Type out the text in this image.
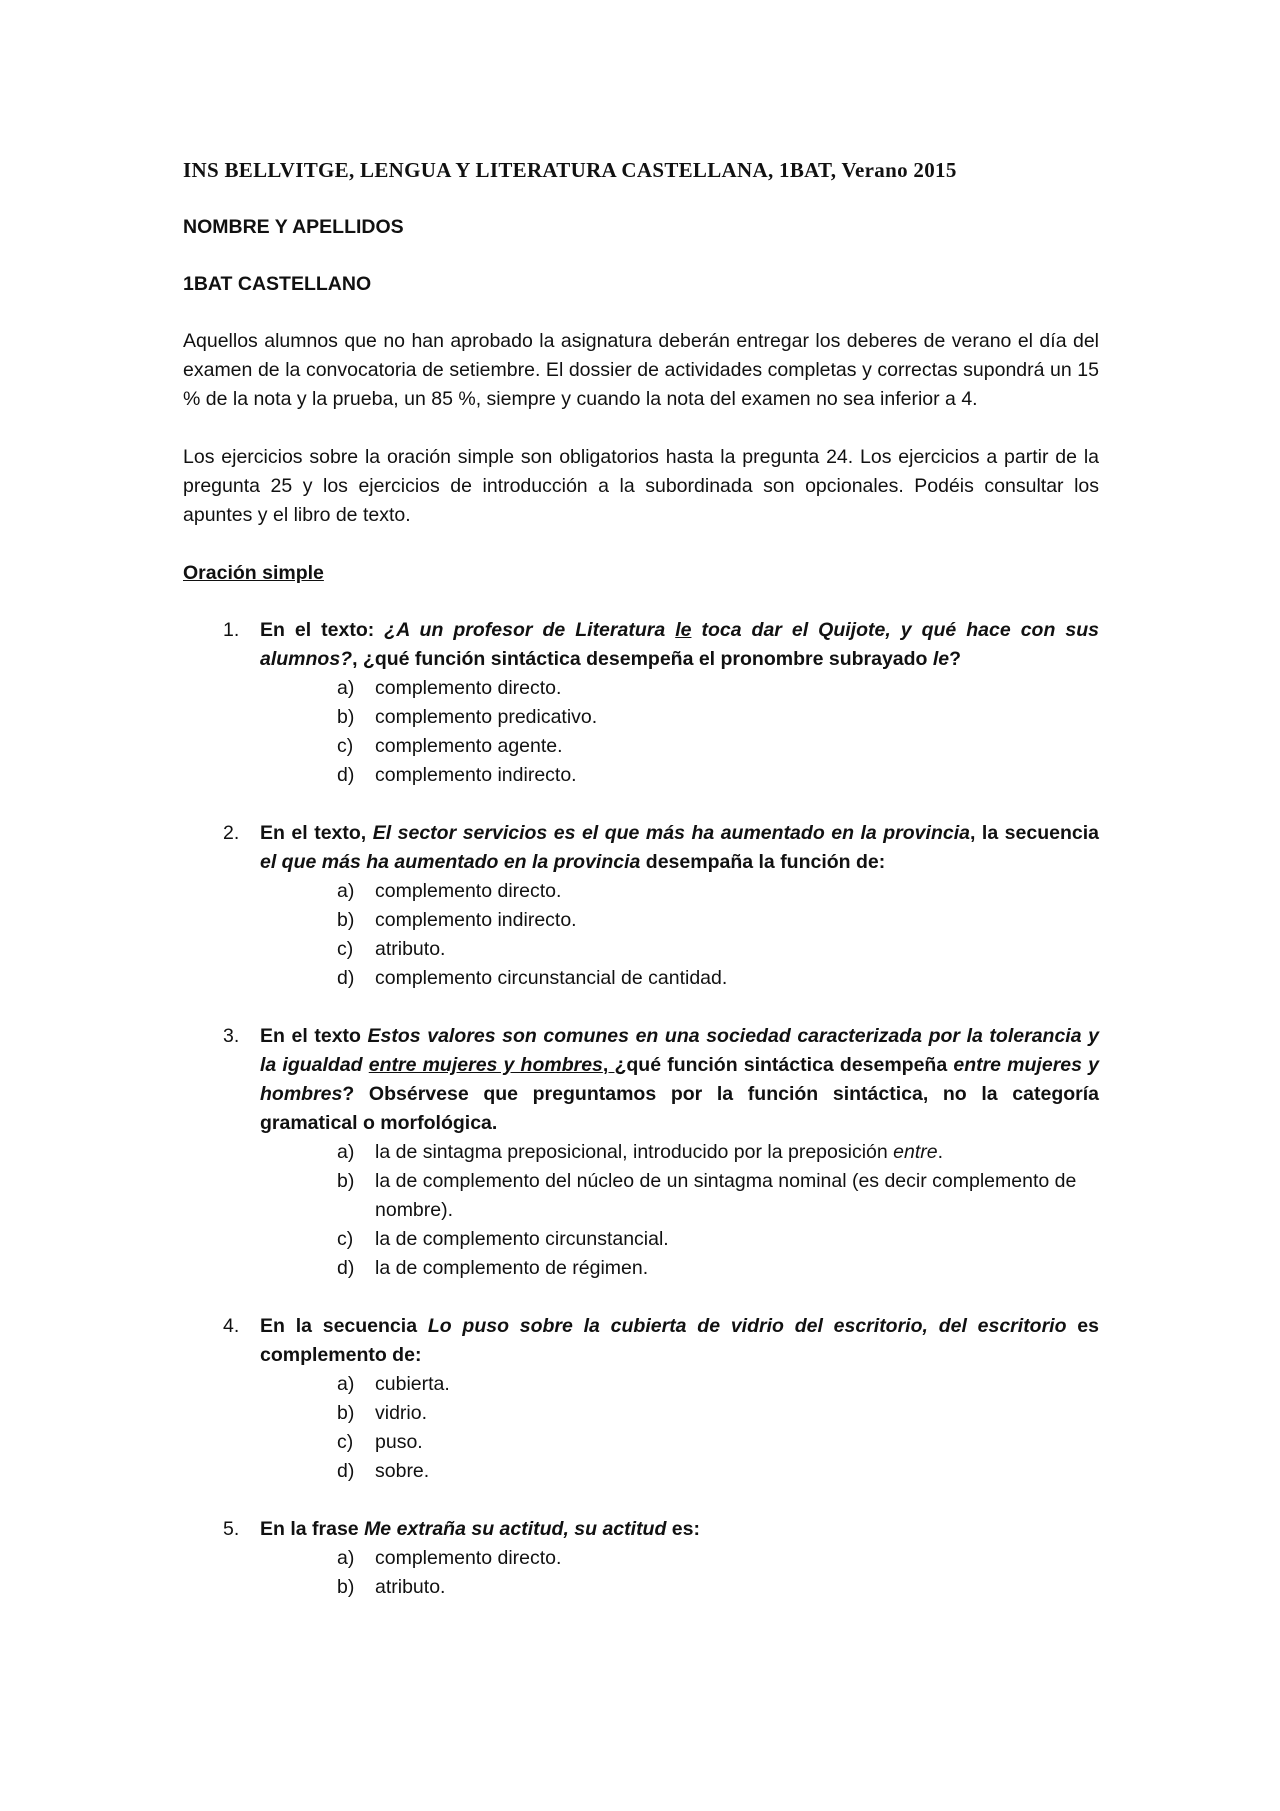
INS BELLVITGE, LENGUA Y LITERATURA CASTELLANA, 1BAT, Verano 2015
NOMBRE Y APELLIDOS
1BAT CASTELLANO

Aquellos alumnos que no han aprobado la asignatura deberán entregar los deberes de verano el día del examen de la convocatoria de setiembre. El dossier de actividades completas y correctas supondrá un 15 % de la nota y la prueba, un 85 %, siempre y cuando la nota del examen no sea inferior a 4.

Los ejercicios sobre la oración simple son obligatorios hasta la pregunta 24. Los ejercicios a partir de la pregunta 25 y los ejercicios de introducción a la subordinada son opcionales. Podéis consultar los apuntes y el libro de texto.

Oración simple
1. En el texto: ¿A un profesor de Literatura le toca dar el Quijote, y qué hace con sus alumnos?, ¿qué función sintáctica desempeña el pronombre subrayado le?
a) complemento directo.
b) complemento predicativo.
c) complemento agente.
d) complemento indirecto.
2. En el texto, El sector servicios es el que más ha aumentado en la provincia, la secuencia el que más ha aumentado en la provincia desempaña la función de:
a) complemento directo.
b) complemento indirecto.
c) atributo.
d) complemento circunstancial de cantidad.
3. En el texto Estos valores son comunes en una sociedad caracterizada por la tolerancia y la igualdad entre mujeres y hombres, ¿qué función sintáctica desempeña entre mujeres y hombres? Obsérvese que preguntamos por la función sintáctica, no la categoría gramatical o morfológica.
a) la de sintagma preposicional, introducido por la preposición entre.
b) la de complemento del núcleo de un sintagma nominal (es decir complemento de nombre).
c) la de complemento circunstancial.
d) la de complemento de régimen.
4. En la secuencia Lo puso sobre la cubierta de vidrio del escritorio, del escritorio es complemento de:
a) cubierta.
b) vidrio.
c) puso.
d) sobre.
5. En la frase Me extraña su actitud, su actitud es:
a) complemento directo.
b) atributo.
